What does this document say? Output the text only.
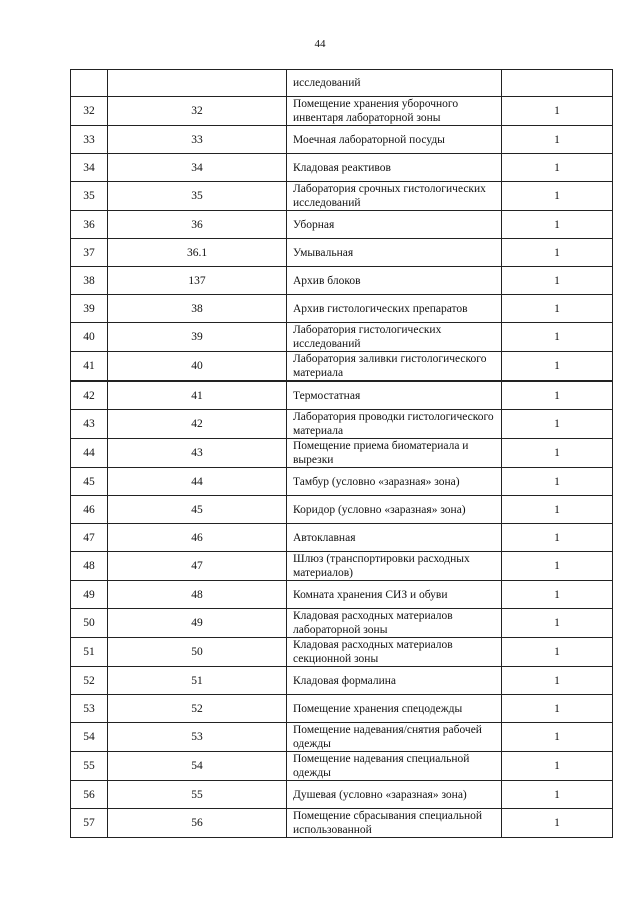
44
		исследований	
32	32	Помещение хранения уборочного инвентаря лабораторной зоны	1
33	33	Моечная лабораторной посуды	1
34	34	Кладовая реактивов	1
35	35	Лаборатория срочных гистологических исследований	1
36	36	Уборная	1
37	36.1	Умывальная	1
38	137	Архив блоков	1
39	38	Архив гистологических препаратов	1
40	39	Лаборатория гистологических исследований	1
41	40	Лаборатория заливки гистологического материала	1
42	41	Термостатная	1
43	42	Лаборатория проводки гистологического материала	1
44	43	Помещение приема биоматериала и вырезки	1
45	44	Тамбур (условно «заразная» зона)	1
46	45	Коридор (условно «заразная» зона)	1
47	46	Автоклавная	1
48	47	Шлюз (транспортировки расходных материалов)	1
49	48	Комната хранения СИЗ и обуви	1
50	49	Кладовая расходных материалов лабораторной зоны	1
51	50	Кладовая расходных материалов секционной зоны	1
52	51	Кладовая формалина	1
53	52	Помещение хранения спецодежды	1
54	53	Помещение надевания/снятия рабочей одежды	1
55	54	Помещение надевания специальной одежды	1
56	55	Душевая (условно «заразная» зона)	1
57	56	Помещение сбрасывания специальной использованной	1
